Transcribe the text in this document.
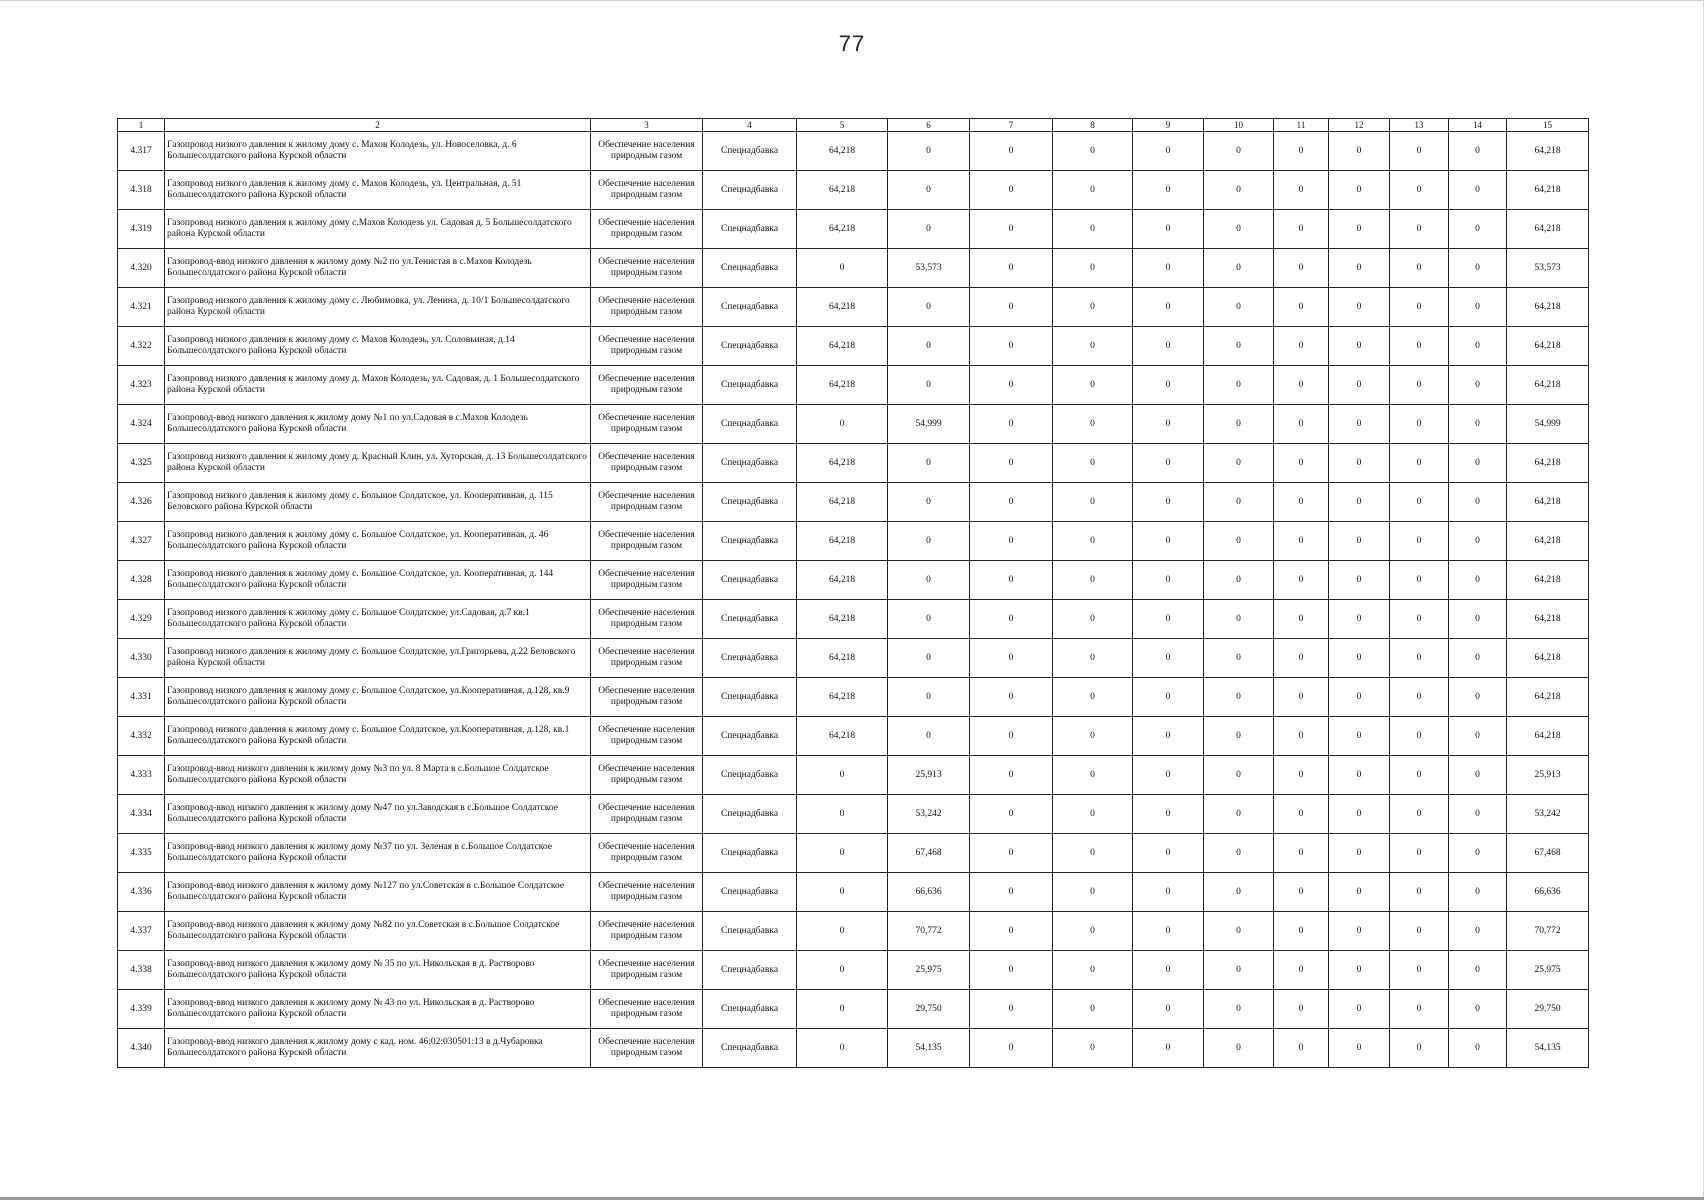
77
1	2	3	4	5	6	7	8	9	10	11	12	13	14	15
4.317	Газопровод низкого давления к жилому дому с. Махов Колодезь, ул. Новоселовка, д. 6 Большесолдатского района Курской области	Обеспечение населения природным газом	Спецнадбавка	64,218	0	0	0	0	0	0	0	0	0	64,218
4.318	Газопровод низкого давления к жилому дому с. Махов Колодезь, ул. Центральная, д. 51 Большесолдатского района Курской области	Обеспечение населения природным газом	Спецнадбавка	64,218	0	0	0	0	0	0	0	0	0	64,218
4.319	Газопровод низкого давления к жилому дому с.Махов Колодезь ул. Садовая д. 5 Большесолдатского района Курской области	Обеспечение населения природным газом	Спецнадбавка	64,218	0	0	0	0	0	0	0	0	0	64,218
4.320	Газопровод-ввод низкого давления к жилому дому №2 по ул.Тенистая в с.Махов Колодезь Большесолдатского района Курской области	Обеспечение населения природным газом	Спецнадбавка	0	53,573	0	0	0	0	0	0	0	0	53,573
4.321	Газопровод низкого давления к жилому дому с. Любимовка, ул. Ленина, д. 10/1 Большесолдатского района Курской области	Обеспечение населения природным газом	Спецнадбавка	64,218	0	0	0	0	0	0	0	0	0	64,218
4.322	Газопровод низкого давления к жилому дому с. Махов Колодезь, ул. Соловьиная, д.14 Большесолдатского района Курской области	Обеспечение населения природным газом	Спецнадбавка	64,218	0	0	0	0	0	0	0	0	0	64,218
4.323	Газопровод низкого давления к жилому дому д. Махов Колодезь, ул. Садовая, д. 1 Большесолдатского района Курской области	Обеспечение населения природным газом	Спецнадбавка	64,218	0	0	0	0	0	0	0	0	0	64,218
4.324	Газопровод-ввод низкого давления к жилому дому №1 по ул.Садовая в с.Махов Колодезь Большесолдатского района Курской области	Обеспечение населения природным газом	Спецнадбавка	0	54,999	0	0	0	0	0	0	0	0	54,999
4.325	Газопровод низкого давления к жилому дому д. Красный Клин, ул. Хуторская, д. 13 Большесолдатского района Курской области	Обеспечение населения природным газом	Спецнадбавка	64,218	0	0	0	0	0	0	0	0	0	64,218
4.326	Газопровод низкого давления к жилому дому с. Большое Солдатское, ул. Кооперативная, д. 115 Беловского района Курской области	Обеспечение населения природным газом	Спецнадбавка	64,218	0	0	0	0	0	0	0	0	0	64,218
4.327	Газопровод низкого давления к жилому дому с. Большое Солдатское, ул. Кооперативная, д. 46 Большесолдатского района Курской области	Обеспечение населения природным газом	Спецнадбавка	64,218	0	0	0	0	0	0	0	0	0	64,218
4.328	Газопровод низкого давления к жилому дому с. Большое Солдатское, ул. Кооперативная, д. 144 Большесолдатского района Курской области	Обеспечение населения природным газом	Спецнадбавка	64,218	0	0	0	0	0	0	0	0	0	64,218
4.329	Газопровод низкого давления к жилому дому с. Большое Солдатское, ул.Садовая, д.7 кв.1 Большесолдатского района Курской области	Обеспечение населения природным газом	Спецнадбавка	64,218	0	0	0	0	0	0	0	0	0	64,218
4.330	Газопровод низкого давления к жилому дому с. Большое Солдатское, ул.Григорьева, д.22 Беловского района Курской области	Обеспечение населения природным газом	Спецнадбавка	64,218	0	0	0	0	0	0	0	0	0	64,218
4.331	Газопровод низкого давления к жилому дому с. Большое Солдатское, ул.Кооперативная, д.128, кв.9 Большесолдатского района Курской области	Обеспечение населения природным газом	Спецнадбавка	64,218	0	0	0	0	0	0	0	0	0	64,218
4.332	Газопровод низкого давления к жилому дому с. Большое Солдатское, ул.Кооперативная, д.128, кв.1 Большесолдатского района Курской области	Обеспечение населения природным газом	Спецнадбавка	64,218	0	0	0	0	0	0	0	0	0	64,218
4.333	Газопровод-ввод низкого давления к жилому дому №3 по ул. 8 Марта в с.Большое Солдатское Большесолдатского района Курской области	Обеспечение населения природным газом	Спецнадбавка	0	25,913	0	0	0	0	0	0	0	0	25,913
4.334	Газопровод-ввод низкого давления к жилому дому №47 по ул.Заводская в с.Большое Солдатское Большесолдатского района Курской области	Обеспечение населения природным газом	Спецнадбавка	0	53,242	0	0	0	0	0	0	0	0	53,242
4.335	Газопровод-ввод низкого давления к жилому дому №37 по ул. Зеленая в с.Большое Солдатское Большесолдатского района Курской области	Обеспечение населения природным газом	Спецнадбавка	0	67,468	0	0	0	0	0	0	0	0	67,468
4.336	Газопровод-ввод низкого давления к жилому дому №127 по ул.Советская в с.Большое Солдатское Большесолдатского района Курской области	Обеспечение населения природным газом	Спецнадбавка	0	66,636	0	0	0	0	0	0	0	0	66,636
4.337	Газопровод-ввод низкого давления к жилому дому №82 по ул.Советская в с.Большое Солдатское Большесолдатского района Курской области	Обеспечение населения природным газом	Спецнадбавка	0	70,772	0	0	0	0	0	0	0	0	70,772
4.338	Газопровод-ввод низкого давления к жилому дому № 35 по ул. Никольская в д. Растворово Большесолдатского района Курской области	Обеспечение населения природным газом	Спецнадбавка	0	25,975	0	0	0	0	0	0	0	0	25,975
4.339	Газопровод-ввод низкого давления к жилому дому № 43 по ул. Никольская в д. Растворово Большесолдатского района Курской области	Обеспечение населения природным газом	Спецнадбавка	0	29,750	0	0	0	0	0	0	0	0	29,750
4.340	Газопровод-ввод низкого давления к жилому дому с кад. ном. 46:02:030501:13 в д.Чубаровка Большесолдатского района Курской области	Обеспечение населения природным газом	Спецнадбавка	0	54,135	0	0	0	0	0	0	0	0	54,135
